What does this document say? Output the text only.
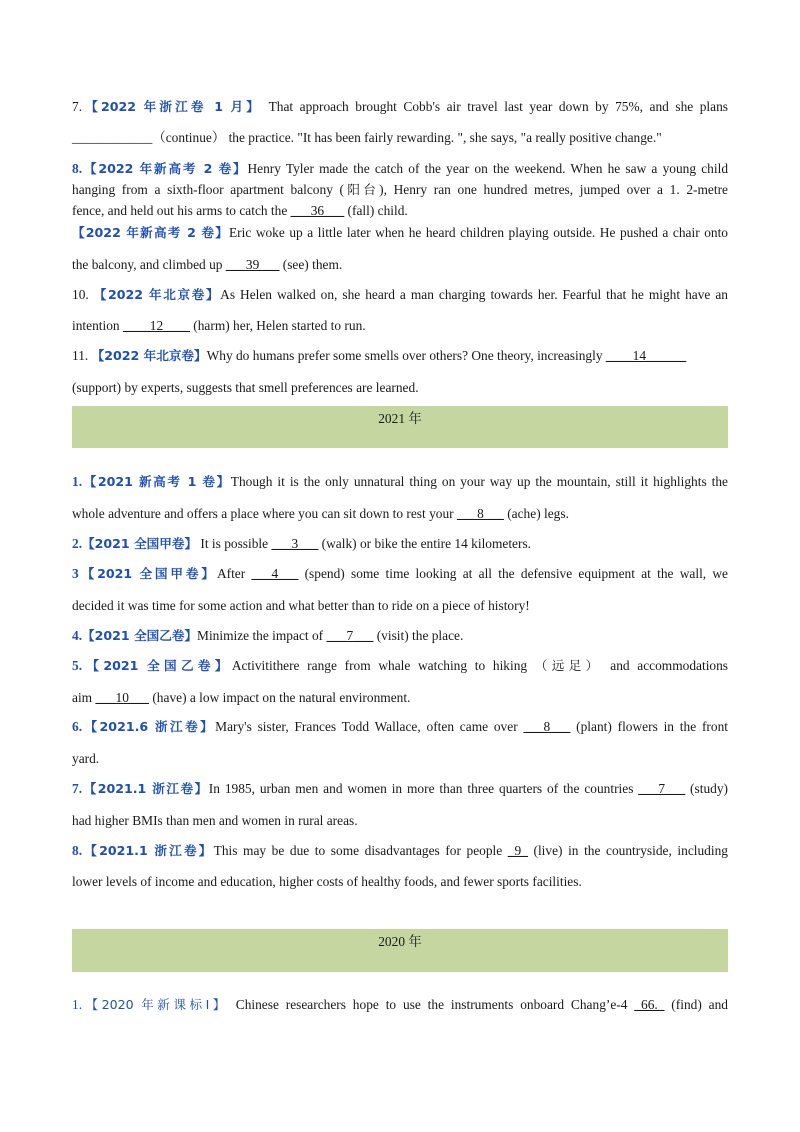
7.【2022 年浙江卷 1 月】 That approach brought Cobb's air travel last year down by 75%, and she plans
____________（continue） the practice. "It has been fairly rewarding. ", she says, "a really positive change."
8.【2022 年新高考 2 卷】Henry Tyler made the catch of the year on the weekend. When he saw a young child
hanging from a sixth-floor apartment balcony (阳台), Henry ran one hundred metres, jumped over a 1. 2-metre
fence, and held out his arms to catch the ___36___ (fall) child.
【2022 年新高考 2 卷】Eric woke up a little later when he heard children playing outside. He pushed a chair onto
the balcony, and climbed up ___39___ (see) them.
10. 【2022 年北京卷】As Helen walked on, she heard a man charging towards her. Fearful that he might have an
intention ____12____ (harm) her, Helen started to run.
11. 【2022 年北京卷】Why do humans prefer some smells over others? One theory, increasingly ____14______
(support) by experts, suggests that smell preferences are learned.
2021 年
1.【2021 新高考 1 卷】Though it is the only unnatural thing on your way up the mountain, still it highlights the
whole adventure and offers a place where you can sit down to rest your ___8___ (ache) legs.
2.【2021 全国甲卷】 It is possible ___3___ (walk) or bike the entire 14 kilometers.
3【2021 全国甲卷】After ___4___ (spend) some time looking at all the defensive equipment at the wall, we
decided it was time for some action and what better than to ride on a piece of history!
4.【2021 全国乙卷】Minimize the impact of ___7___ (visit) the place.
5.【2021 全国乙卷】Activitithere range from whale watching to hiking （远足） and accommodations
aim ___10___ (have) a low impact on the natural environment.
6.【2021.6 浙江卷】Mary's sister, Frances Todd Wallace, often came over ___8___ (plant) flowers in the front
yard.
7.【2021.1 浙江卷】In 1985, urban men and women in more than three quarters of the countries ___7___ (study)
had higher BMIs than men and women in rural areas.
8.【2021.1 浙江卷】This may be due to some disadvantages for people _9_ (live) in the countryside, including
lower levels of income and education, higher costs of healthy foods, and fewer sports facilities.
2020 年
1.【2020 年新课标Ⅰ】 Chinese researchers hope to use the instruments onboard Chang’e-4 _66._ (find) and
